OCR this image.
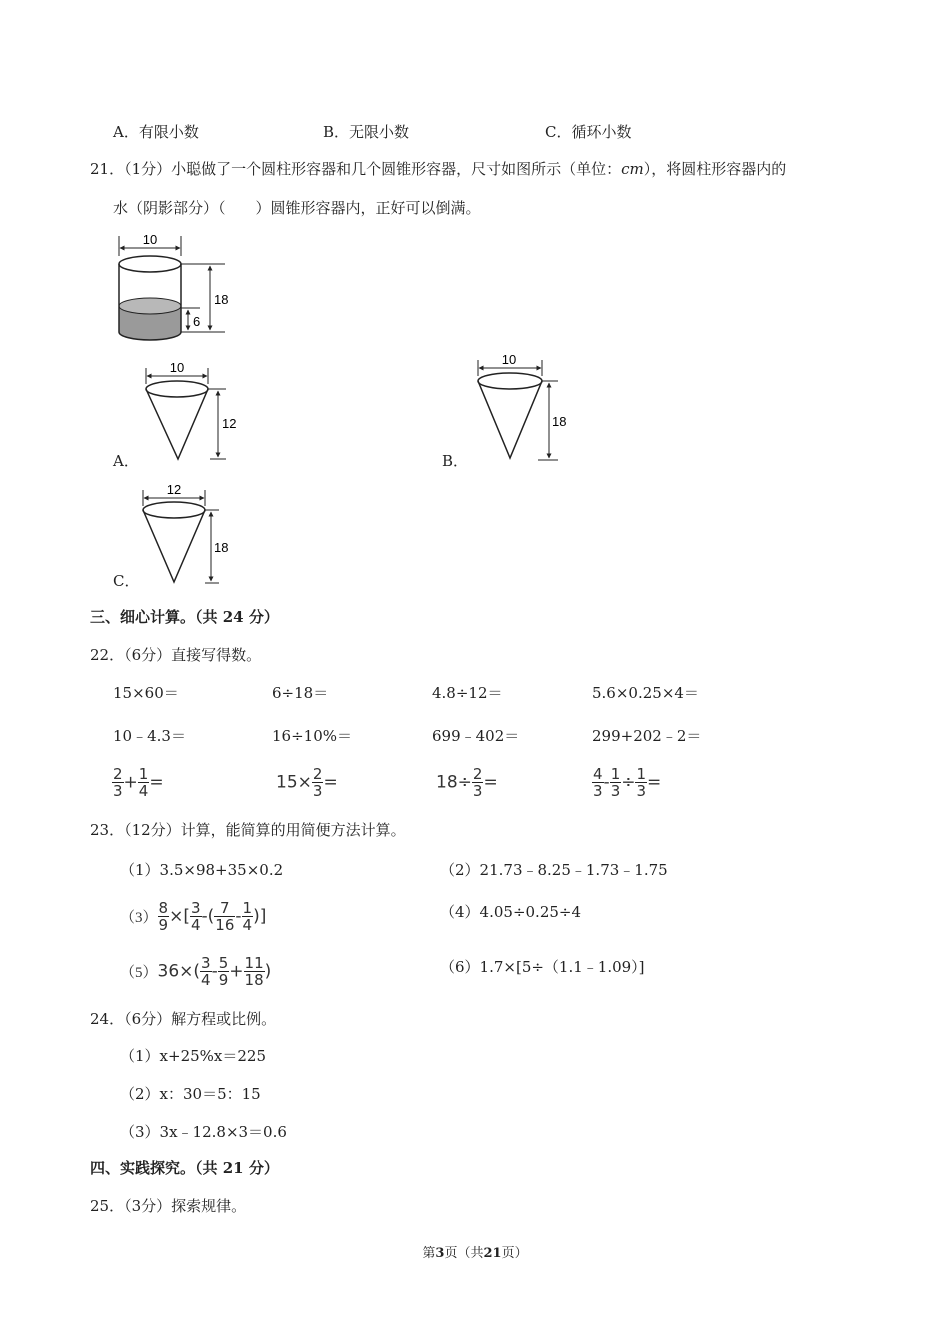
A．有限小数	B．无限小数	C．循环小数
21．（1分）小聪做了一个圆柱形容器和几个圆锥形容器，尺寸如图所示（单位：cm），将圆柱形容器内的
水（阴影部分）（　　）圆锥形容器内，正好可以倒满。
10
18
6
A．
10
12
B．
10
18
C．
12
18
三、细心计算。（共 24 分）
22．（6分）直接写得数。
15×60＝	6÷18＝	4.8÷12＝	5.6×0.25×4＝
10﹣4.3＝	16÷10%＝	699﹣402＝	299+202﹣2＝
$\frac{2}{3} + \frac{1}{4}$ =	$15\times \frac{2}{3}$ =	$18\div \frac{2}{3}$ =	$\frac{4}{3} - \frac{1}{3} \div \frac{1}{3}$ =
23．（12分）计算，能简算的用简便方法计算。
（1）3.5×98+35×0.2	（2）21.73﹣8.25﹣1.73﹣1.75
$(3) \frac{8}{9}$ ×[ $\frac{3}{4}$ -( $\frac{7}{16} - \frac{1}{4}$ )]	（4）4.05÷0.25÷4
$(5)36\times( \frac{3}{4} - \frac{5}{9} + \frac{11}{18}$ )	（6）1.7×[5÷（1.1﹣1.09）]
24．（6分）解方程或比例。
（1）x+25%x＝225
（2）x：30＝5：15
（3）3x﹣12.8×3＝0.6
四、实践探究。（共 21 分）
25．（3分）探索规律。
第3页（共21页）
